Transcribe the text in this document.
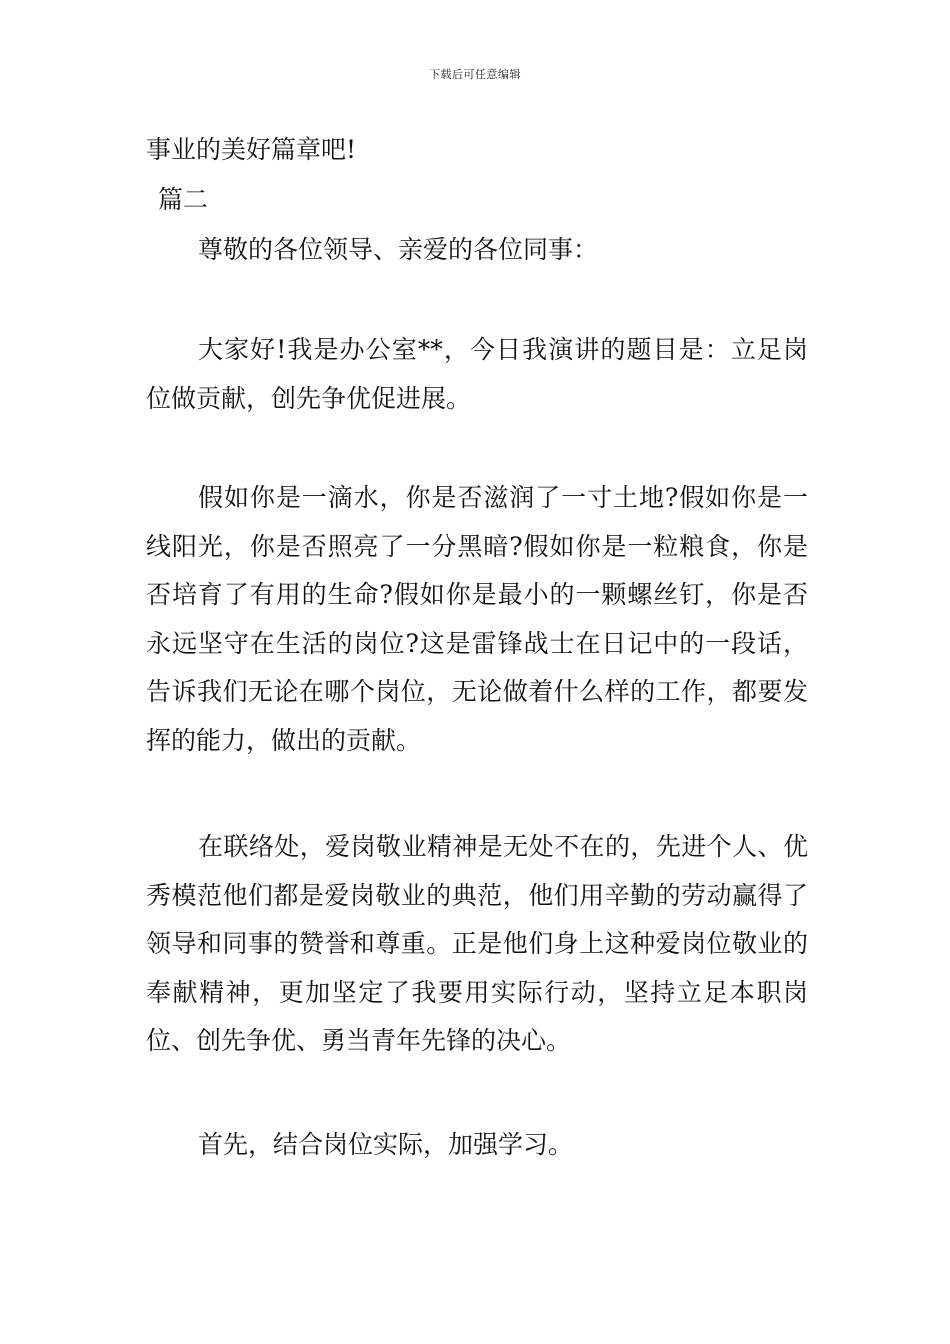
下载后可任意编辑
事业的美好篇章吧!
篇二
尊敬的各位领导、亲爱的各位同事：
大家好!我是办公室**，今日我演讲的题目是：立足岗位做贡献，创先争优促进展。
假如你是一滴水，你是否滋润了一寸土地?假如你是一线阳光，你是否照亮了一分黑暗?假如你是一粒粮食，你是否培育了有用的生命?假如你是最小的一颗螺丝钉，你是否永远坚守在生活的岗位?这是雷锋战士在日记中的一段话，告诉我们无论在哪个岗位，无论做着什么样的工作，都要发挥的能力，做出的贡献。
在联络处，爱岗敬业精神是无处不在的，先进个人、优秀模范他们都是爱岗敬业的典范，他们用辛勤的劳动赢得了领导和同事的赞誉和尊重。正是他们身上这种爱岗位敬业的奉献精神，更加坚定了我要用实际行动，坚持立足本职岗位、创先争优、勇当青年先锋的决心。
首先，结合岗位实际，加强学习。
